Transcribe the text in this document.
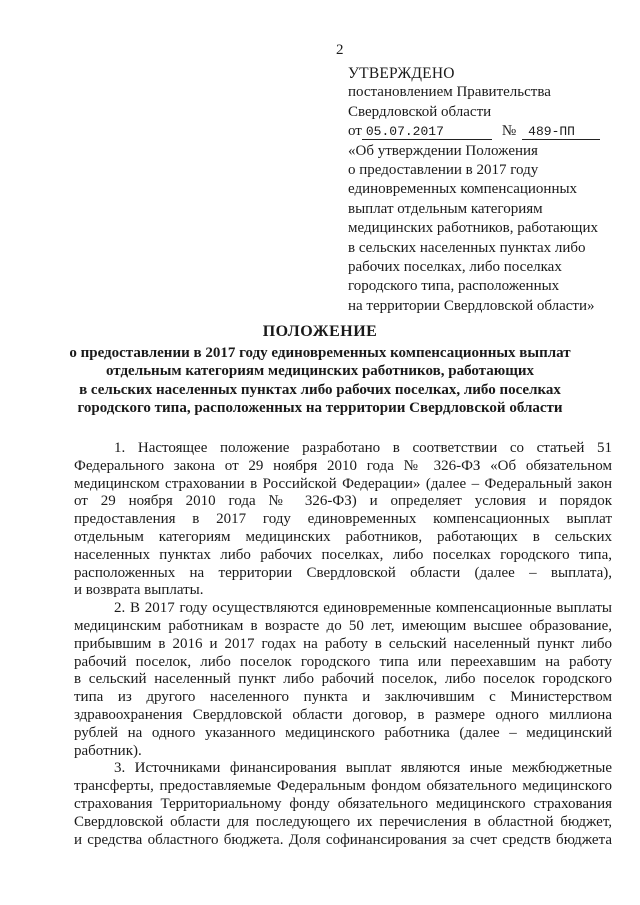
2
УТВЕРЖДЕНО
постановлением Правительства
Свердловской области
от 05.07.2017	№ 489-ПП
«Об утверждении Положения
о предоставлении в 2017 году
единовременных компенсационных
выплат отдельным категориям
медицинских работников, работающих
в сельских населенных пунктах либо
рабочих поселках, либо поселках
городского типа, расположенных
на территории Свердловской области»
ПОЛОЖЕНИЕ
о предоставлении в 2017 году единовременных компенсационных выплат
отдельным категориям медицинских работников, работающих
в сельских населенных пунктах либо рабочих поселках, либо поселках
городского типа, расположенных на территории Свердловской области
1. Настоящее положение разработано в соответствии со статьей 51
Федерального закона от 29 ноября 2010 года № 326-ФЗ «Об обязательном
медицинском страховании в Российской Федерации» (далее – Федеральный закон
от 29 ноября 2010 года № 326-ФЗ) и определяет условия и порядок
предоставления в 2017 году единовременных компенсационных выплат
отдельным категориям медицинских работников, работающих в сельских
населенных пунктах либо рабочих поселках, либо поселках городского типа,
расположенных на территории Свердловской области (далее – выплата),
и возврата выплаты.
2. В 2017 году осуществляются единовременные компенсационные выплаты
медицинским работникам в возрасте до 50 лет, имеющим высшее образование,
прибывшим в 2016 и 2017 годах на работу в сельский населенный пункт либо
рабочий поселок, либо поселок городского типа или переехавшим на работу
в сельский населенный пункт либо рабочий поселок, либо поселок городского
типа из другого населенного пункта и заключившим с Министерством
здравоохранения Свердловской области договор, в размере одного миллиона
рублей на одного указанного медицинского работника (далее – медицинский
работник).
3. Источниками финансирования выплат являются иные межбюджетные
трансферты, предоставляемые Федеральным фондом обязательного медицинского
страхования Территориальному фонду обязательного медицинского страхования
Свердловской области для последующего их перечисления в областной бюджет,
и средства областного бюджета. Доля софинансирования за счет средств бюджета
